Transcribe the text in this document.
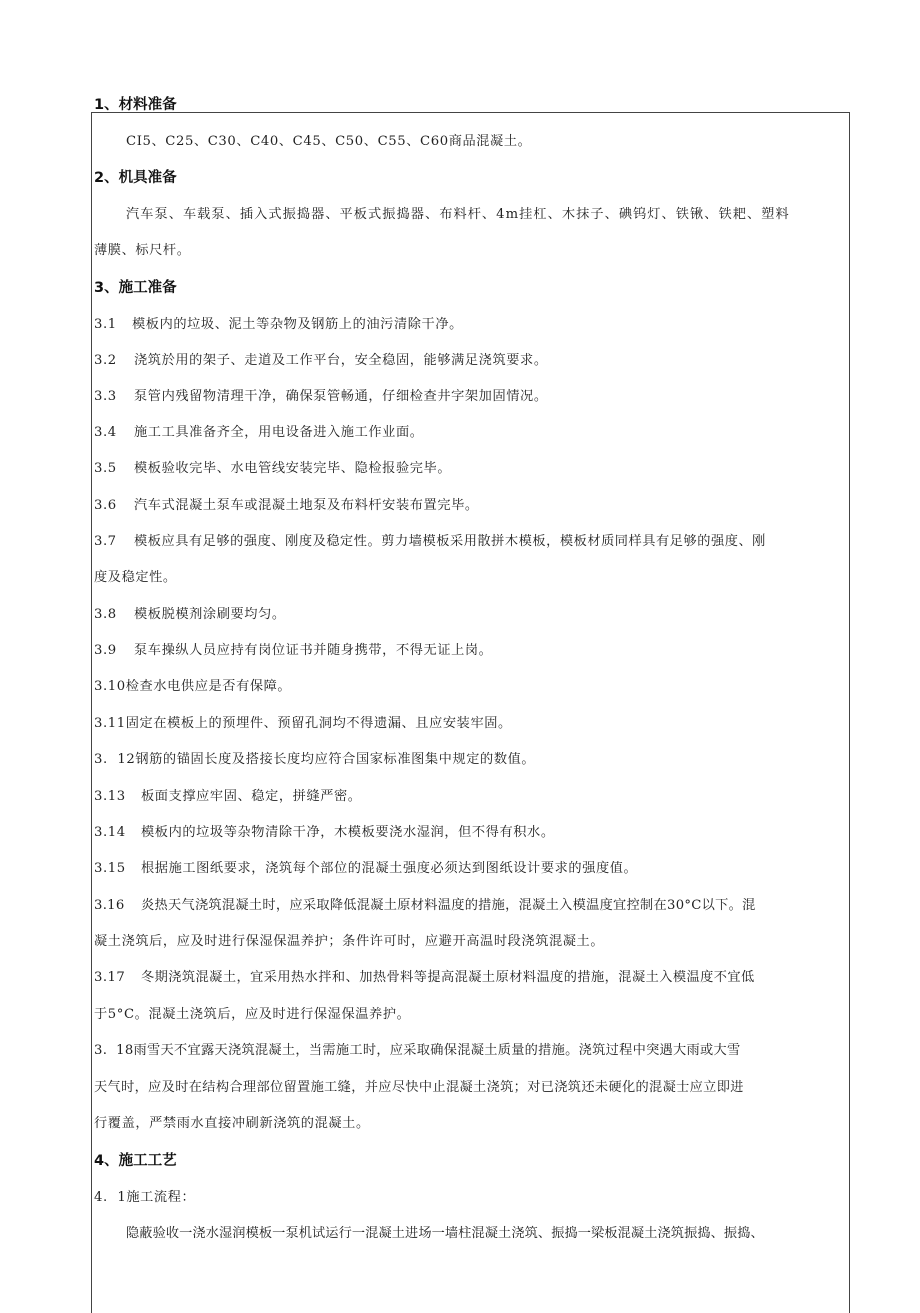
1、材料准备
CI5、C25、C30、C40、C45、C50、C55、C60商品混凝土。
2、机具准备
汽车泵、车载泵、插入式振捣器、平板式振捣器、布料杆、4m挂杠、木抹子、碘钨灯、铁锹、铁耙、塑料
薄膜、标尺杆。
3、施工准备
3.1 模板内的垃圾、泥土等杂物及钢筋上的油污清除干净。
3.2 浇筑於用的架子、走道及工作平台，安全稳固，能够满足浇筑要求。
3.3 泵管内残留物清理干净，确保泵管畅通，仔细检查井字架加固情况。
3.4 施工工具准备齐全，用电设备进入施工作业面。
3.5 模板验收完毕、水电管线安装完毕、隐检报验完毕。
3.6 汽车式混凝土泵车或混凝土地泵及布料杆安装布置完毕。
3.7 模板应具有足够的强度、刚度及稳定性。剪力墙模板采用散拼木模板，模板材质同样具有足够的强度、刚
度及稳定性。
3.8 模板脱模剂涂刷要均匀。
3.9 泵车操纵人员应持有岗位证书并随身携带，不得无证上岗。
3.10检查水电供应是否有保障。
3.11固定在模板上的预埋件、预留孔洞均不得遗漏、且应安装牢固。
3.  12钢筋的锚固长度及搭接长度均应符合国家标准图集中规定的数值。
3.13 板面支撑应牢固、稳定，拼缝严密。
3.14 模板内的垃圾等杂物清除干净，木模板要浇水湿润，但不得有积水。
3.15 根据施工图纸要求，浇筑每个部位的混凝土强度必须达到图纸设计要求的强度值。
3.16 炎热天气浇筑混凝土时，应采取降低混凝土原材料温度的措施，混凝土入模温度宜控制在30°C以下。混
凝土浇筑后，应及时进行保湿保温养护；条件许可时，应避开高温时段浇筑混凝土。
3.17 冬期浇筑混凝土，宜采用热水拌和、加热骨料等提高混凝土原材料温度的措施，混凝土入模温度不宜低
于5°C。混凝土浇筑后，应及时进行保湿保温养护。
3.  18雨雪天不宜露天浇筑混凝土，当需施工时，应采取确保混凝土质量的措施。浇筑过程中突遇大雨或大雪
天气时，应及时在结构合理部位留置施工缝，并应尽快中止混凝土浇筑；对已浇筑还未硬化的混凝士应立即进
行覆盖，严禁雨水直接冲刷新浇筑的混凝土。
4、施工工艺
4.  1施工流程：
隐蔽验收一浇水湿润模板一泵机试运行一混凝土进场一墙柱混凝土浇筑、振捣一梁板混凝土浇筑振捣、振捣、
